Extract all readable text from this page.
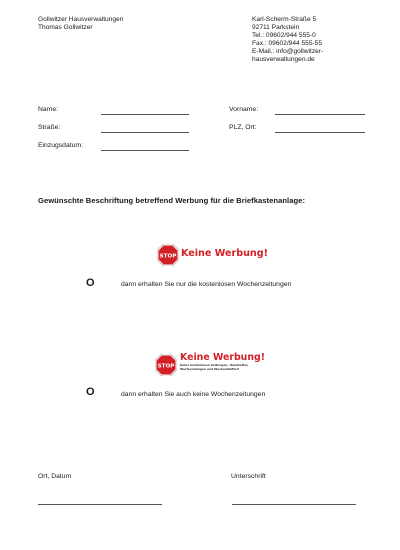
Gollwitzer Hausverwaltungen
Thomas Gollwitzer
Karl-Scherm-Straße 5
92711 Parkstein
Tel.: 09602/944 555-0
Fax.: 09602/944 555-55
E-Mail.: info@gollwitzer-
hausverwaltungen.de
Name:	Vorname:
Straße:	PLZ, Ort:
Einzugsdatum:
Gewünschte Beschriftung betreffend Werbung für die Briefkastenanlage:
STOP Keine Werbung!
O	dann erhalten Sie nur die kostenlosen Wochenzeitungen
STOP
Keine Werbung!
Keine kostenlosen Zeitungen, Handzettel,
Wurfsendungen und Wochenblätter!
O	dann erhalten Sie auch keine Wochenzeitungen
Ort, Datum	Unterschrift
